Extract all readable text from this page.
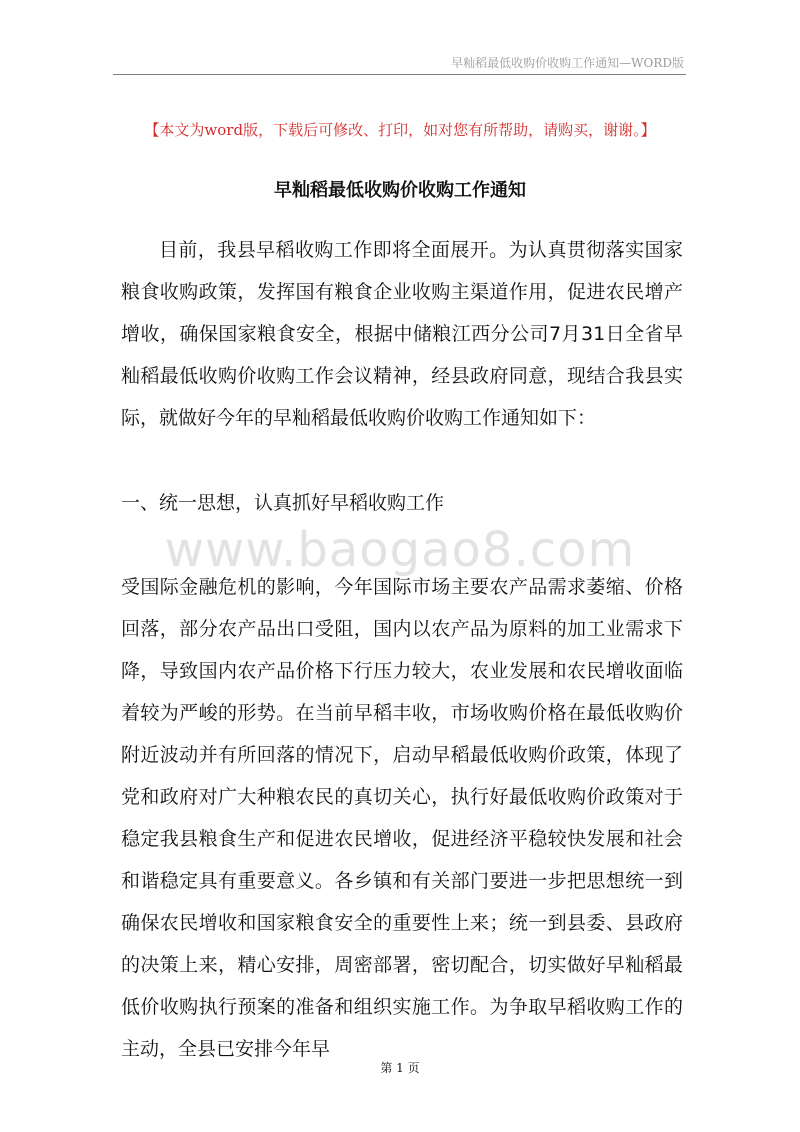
早籼稻最低收购价收购工作通知—WORD版
【本文为word版，下载后可修改、打印，如对您有所帮助，请购买，谢谢。】
www.baogao8.com
早籼稻最低收购价收购工作通知

目前，我县早稻收购工作即将全面展开。为认真贯彻落实国家粮食收购政策，发挥国有粮食企业收购主渠道作用，促进农民增产增收，确保国家粮食安全，根据中储粮江西分公司7月31日全省早籼稻最低收购价收购工作会议精神，经县政府同意，现结合我县实际，就做好今年的早籼稻最低收购价收购工作通知如下：

一、统一思想，认真抓好早稻收购工作

受国际金融危机的影响，今年国际市场主要农产品需求萎缩、价格回落，部分农产品出口受阻，国内以农产品为原料的加工业需求下降，导致国内农产品价格下行压力较大，农业发展和农民增收面临着较为严峻的形势。在当前早稻丰收，市场收购价格在最低收购价附近波动并有所回落的情况下，启动早稻最低收购价政策，体现了党和政府对广大种粮农民的真切关心，执行好最低收购价政策对于稳定我县粮食生产和促进农民增收，促进经济平稳较快发展和社会和谐稳定具有重要意义。各乡镇和有关部门要进一步把思想统一到确保农民增收和国家粮食安全的重要性上来；统一到县委、县政府的决策上来，精心安排，周密部署，密切配合，切实做好早籼稻最低价收购执行预案的准备和组织实施工作。为争取早稻收购工作的主动，全县已安排今年早

第 1 页
